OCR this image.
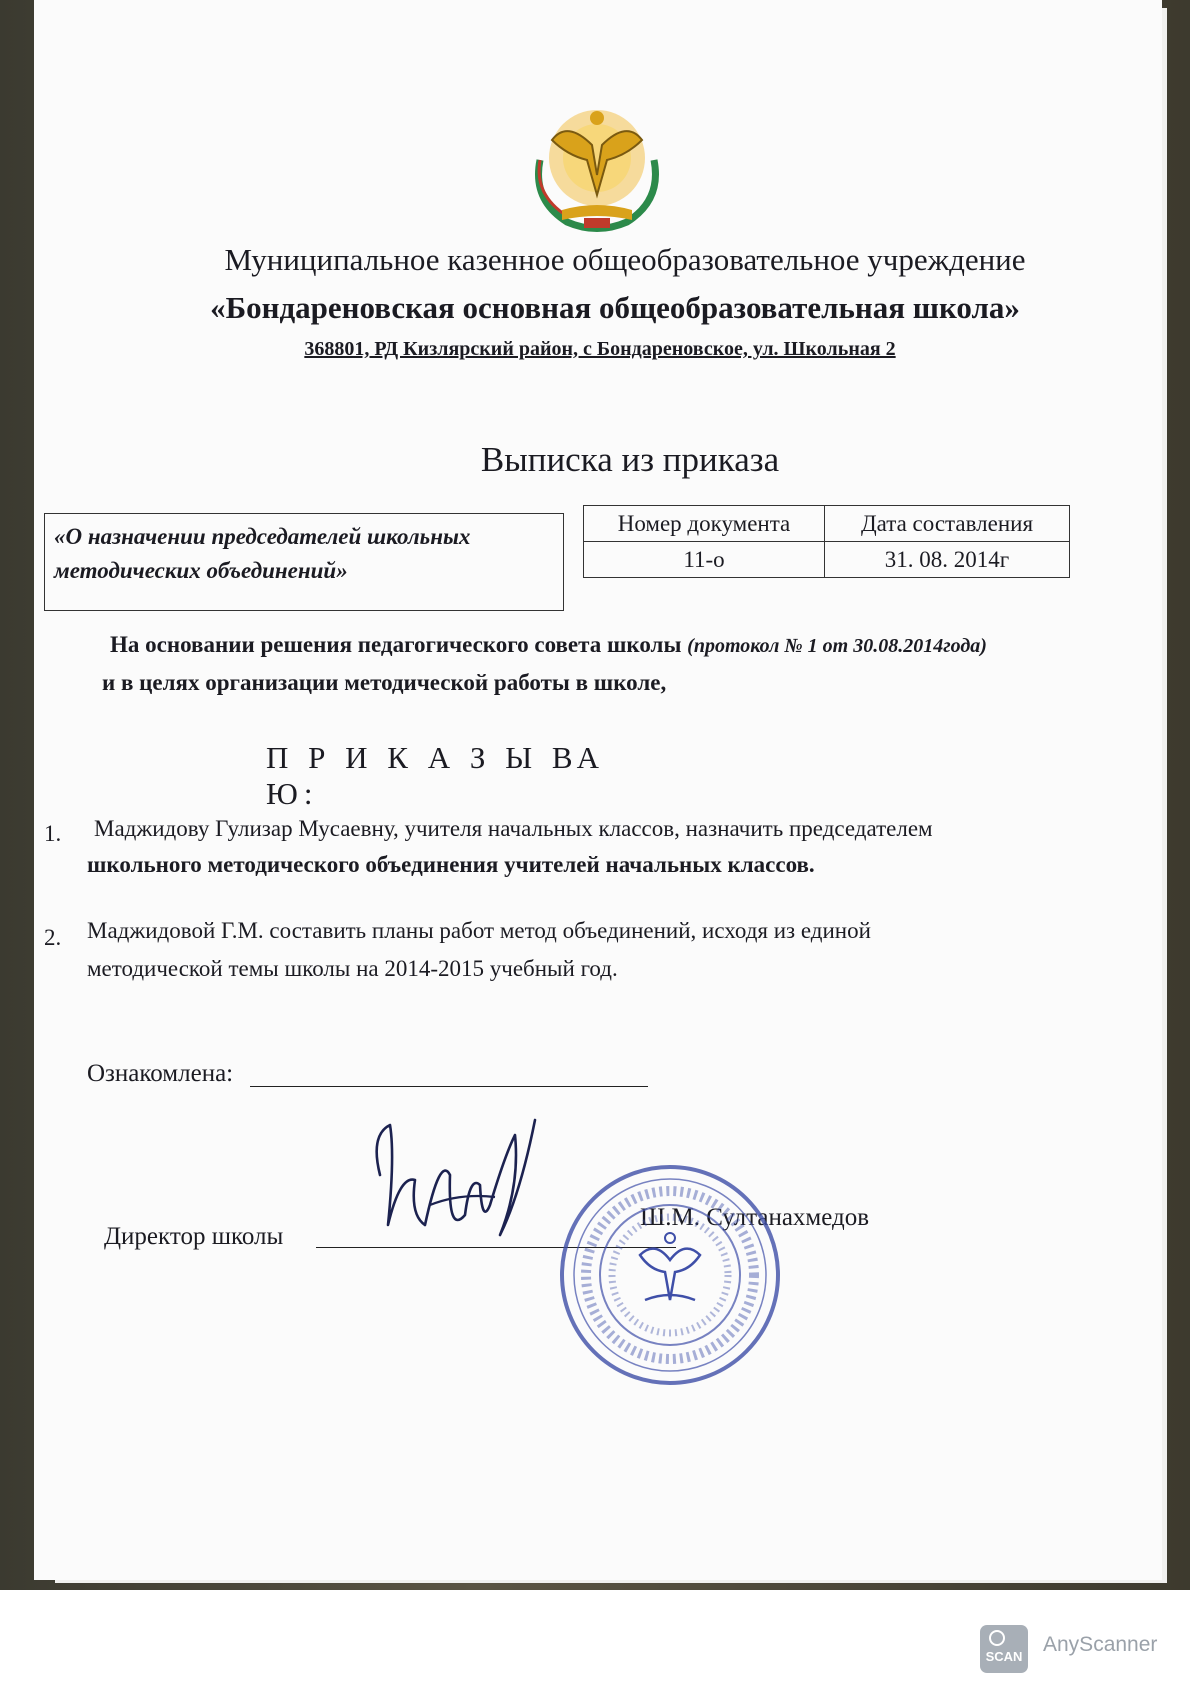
Муниципальное казенное общеобразовательное учреждение
«Бондареновская основная общеобразовательная школа»
368801, РД Кизлярский район, с Бондареновское, ул. Школьная 2
Выписка из приказа
«О назначении председателей школьных методических объединений»
Номер документа	Дата составления
11-о	31. 08. 2014г
На основании решения педагогического совета школы (протокол № 1 от 30.08.2014года)
и в целях организации методической работы в школе,
П Р И К А З Ы ВА Ю:
1. Маджидову Гулизар Мусаевну, учителя начальных классов, назначить председателем
школьного методического объединения учителей начальных классов.
2. Маджидовой Г.М. составить планы работ метод объединений, исходя из единой
методической темы школы на 2014-2015 учебный год.
Ознакомлена:
Директор школы
Ш.М. Султанахмедов
SCAN
AnyScanner
